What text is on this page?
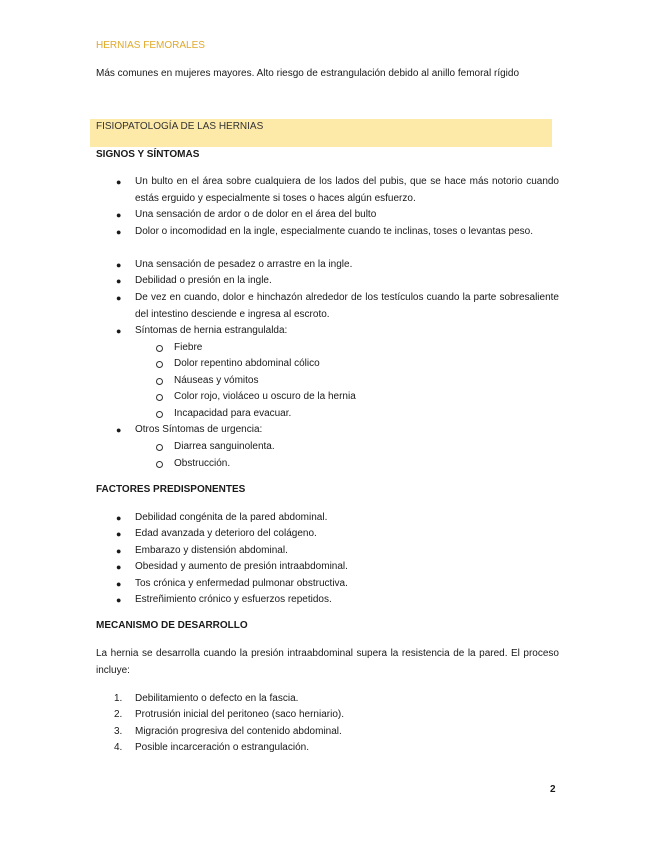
HERNIAS FEMORALES
Más comunes en mujeres mayores. Alto riesgo de estrangulación debido al anillo femoral rígido
FISIOPATOLOGÍA DE LAS HERNIAS
SIGNOS Y SÍNTOMAS
● Un bulto en el área sobre cualquiera de los lados del pubis, que se hace más notorio cuando estás erguido y especialmente si toses o haces algún esfuerzo.
● Una sensación de ardor o de dolor en el área del bulto
● Dolor o incomodidad en la ingle, especialmente cuando te inclinas, toses o levantas peso.
● Una sensación de pesadez o arrastre en la ingle.
● Debilidad o presión en la ingle.
● De vez en cuando, dolor e hinchazón alrededor de los testículos cuando la parte sobresaliente del intestino desciende e ingresa al escroto.
● Síntomas de hernia estrangulalda:
Fiebre
Dolor repentino abdominal cólico
Náuseas y vómitos
Color rojo, violáceo u oscuro de la hernia
Incapacidad para evacuar.
● Otros Síntomas de urgencia:
Diarrea sanguinolenta.
Obstrucción.
FACTORES PREDISPONENTES
● Debilidad congénita de la pared abdominal.
● Edad avanzada y deterioro del colágeno.
● Embarazo y distensión abdominal.
● Obesidad y aumento de presión intraabdominal.
● Tos crónica y enfermedad pulmonar obstructiva.
● Estreñimiento crónico y esfuerzos repetidos.
MECANISMO DE DESARROLLO
La hernia se desarrolla cuando la presión intraabdominal supera la resistencia de la pared. El proceso incluye:
1. Debilitamiento o defecto en la fascia.
2. Protrusión inicial del peritoneo (saco herniario).
3. Migración progresiva del contenido abdominal.
4. Posible incarceración o estrangulación.
2
